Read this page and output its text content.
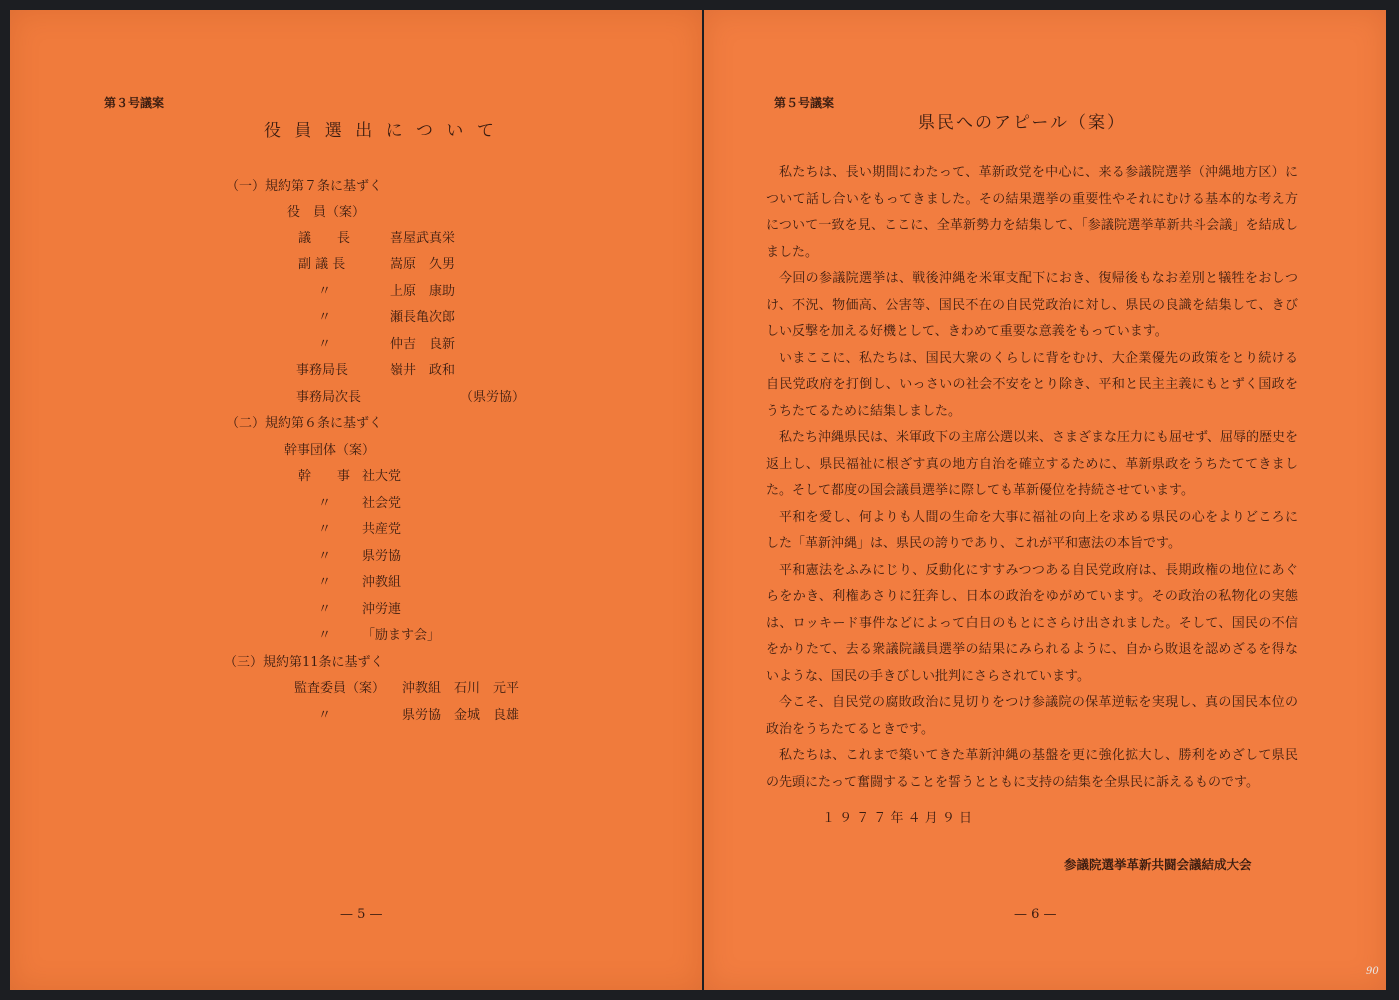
第３号議案
役 員 選 出 に つ い て
（一）規約第７条に基ずく
役　員（案）
議　　長	喜屋武真栄
副 議 長	嵩原　久男
〃	上原　康助
〃	瀬長亀次郎
〃	仲吉　良新
事務局長	嶺井　政和
事務局次長	（県労協）
（二）規約第６条に基ずく
幹事団体（案）
幹　　事 社大党
〃 社会党
〃 共産党
〃 県労協
〃 沖教組
〃 沖労連
〃 「励ます会」
（三）規約第11条に基ずく
監査委員（案） 沖教組 石川　元平
〃	県労協 金城　良雄
— 5 —
第５号議案
県民へのアピール（案）

私たちは、長い期間にわたって、革新政党を中心に、来る参議院選挙（沖縄地方区）について話し合いをもってきました。その結果選挙の重要性やそれにむける基本的な考え方について一致を見、ここに、全革新勢力を結集して、「参議院選挙革新共斗会議」を結成しました。

今回の参議院選挙は、戦後沖縄を米軍支配下におき、復帰後もなお差別と犠牲をおしつけ、不況、物価高、公害等、国民不在の自民党政治に対し、県民の良識を結集して、きびしい反撃を加える好機として、きわめて重要な意義をもっています。

いまここに、私たちは、国民大衆のくらしに背をむけ、大企業優先の政策をとり続ける自民党政府を打倒し、いっさいの社会不安をとり除き、平和と民主主義にもとずく国政をうちたてるために結集しました。

私たち沖縄県民は、米軍政下の主席公選以来、さまざまな圧力にも屈せず、屈辱的歴史を返上し、県民福祉に根ざす真の地方自治を確立するために、革新県政をうちたててきました。そして都度の国会議員選挙に際しても革新優位を持続させています。

平和を愛し、何よりも人間の生命を大事に福祉の向上を求める県民の心をよりどころにした「革新沖縄」は、県民の誇りであり、これが平和憲法の本旨です。

平和憲法をふみにじり、反動化にすすみつつある自民党政府は、長期政権の地位にあぐらをかき、利権あさりに狂奔し、日本の政治をゆがめています。その政治の私物化の実態は、ロッキード事件などによって白日のもとにさらけ出されました。そして、国民の不信をかりたて、去る衆議院議員選挙の結果にみられるように、自から敗退を認めざるを得ないような、国民の手きびしい批判にさらされています。

今こそ、自民党の腐敗政治に見切りをつけ参議院の保革逆転を実現し、真の国民本位の政治をうちたてるときです。

私たちは、これまで築いてきた革新沖縄の基盤を更に強化拡大し、勝利をめざして県民の先頭にたって奮闘することを誓うとともに支持の結集を全県民に訴えるものです。

１ ９ ７ ７ 年 ４ 月 ９ 日
参議院選挙革新共闘会議結成大会
— 6 —
90
